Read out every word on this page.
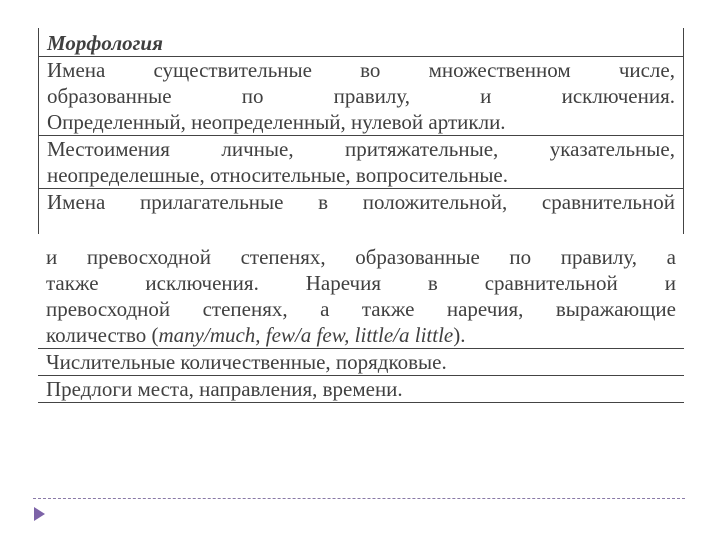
Морфология
Имена существительные во множественном числе,
образованные	по	правилу,	и	исключения.
Определенный, неопределенный, нулевой артикли.
Местоимения личные, притяжательные, указательные,
неопределешные, относительные, вопросительные.
Имена прилагательные в положительной, сравнительной
и превосходной степенях, образованные по правилу, а
также исключения. Наречия в сравнительной и
превосходной степенях, а также наречия, выражающие
количество ( many/much, few/a few, little/a little ).
Числительные количественные, порядковые.
Предлоги места, направления, времени.
